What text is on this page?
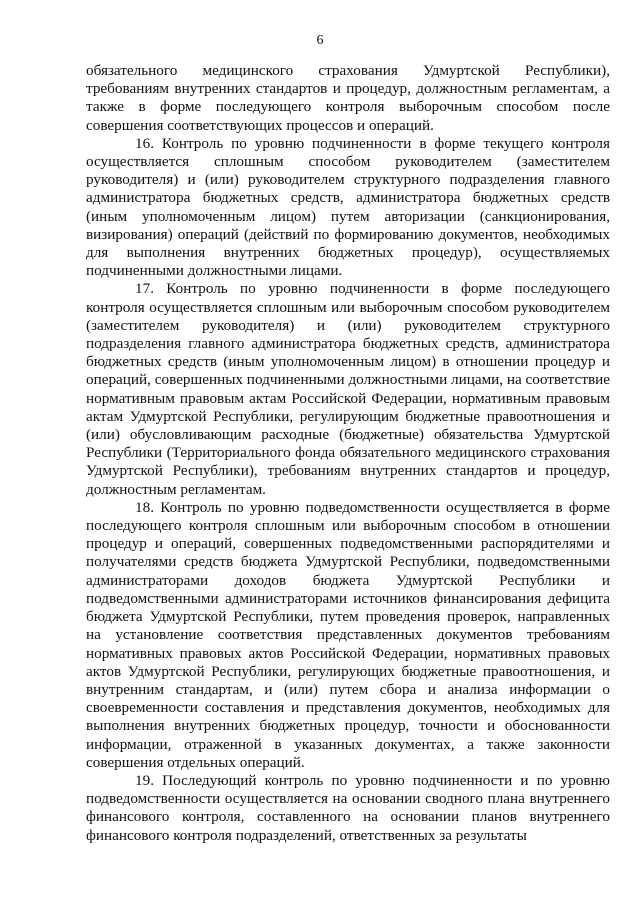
6

обязательного медицинского страхования Удмуртской Республики), требованиям внутренних стандартов и процедур, должностным регламентам, а также в форме последующего контроля выборочным способом после совершения соответствующих процессов и операций.

16. Контроль по уровню подчиненности в форме текущего контроля осуществляется сплошным способом руководителем (заместителем руководителя) и (или) руководителем структурного подразделения главного администратора бюджетных средств, администратора бюджетных средств (иным уполномоченным лицом) путем авторизации (санкционирования, визирования) операций (действий по формированию документов, необходимых для выполнения внутренних бюджетных процедур), осуществляемых подчиненными должностными лицами.

17. Контроль по уровню подчиненности в форме последующего контроля осуществляется сплошным или выборочным способом руководителем (заместителем руководителя) и (или) руководителем структурного подразделения главного администратора бюджетных средств, администратора бюджетных средств (иным уполномоченным лицом) в отношении процедур и операций, совершенных подчиненными должностными лицами, на соответствие нормативным правовым актам Российской Федерации, нормативным правовым актам Удмуртской Республики, регулирующим бюджетные правоотношения и (или) обусловливающим расходные (бюджетные) обязательства Удмуртской Республики (Территориального фонда обязательного медицинского страхования Удмуртской Республики), требованиям внутренних стандартов и процедур, должностным регламентам.

18. Контроль по уровню подведомственности осуществляется в форме последующего контроля сплошным или выборочным способом в отношении процедур и операций, совершенных подведомственными распорядителями и получателями средств бюджета Удмуртской Республики, подведомственными администраторами доходов бюджета Удмуртской Республики и подведомственными администраторами источников финансирования дефицита бюджета Удмуртской Республики, путем проведения проверок, направленных на установление соответствия представленных документов требованиям нормативных правовых актов Российской Федерации, нормативных правовых актов Удмуртской Республики, регулирующих бюджетные правоотношения, и внутренним стандартам, и (или) путем сбора и анализа информации о своевременности составления и представления документов, необходимых для выполнения внутренних бюджетных процедур, точности и обоснованности информации, отраженной в указанных документах, а также законности совершения отдельных операций.

19. Последующий контроль по уровню подчиненности и по уровню подведомственности осуществляется на основании сводного плана внутреннего финансового контроля, составленного на основании планов внутреннего финансового контроля подразделений, ответственных за результаты
